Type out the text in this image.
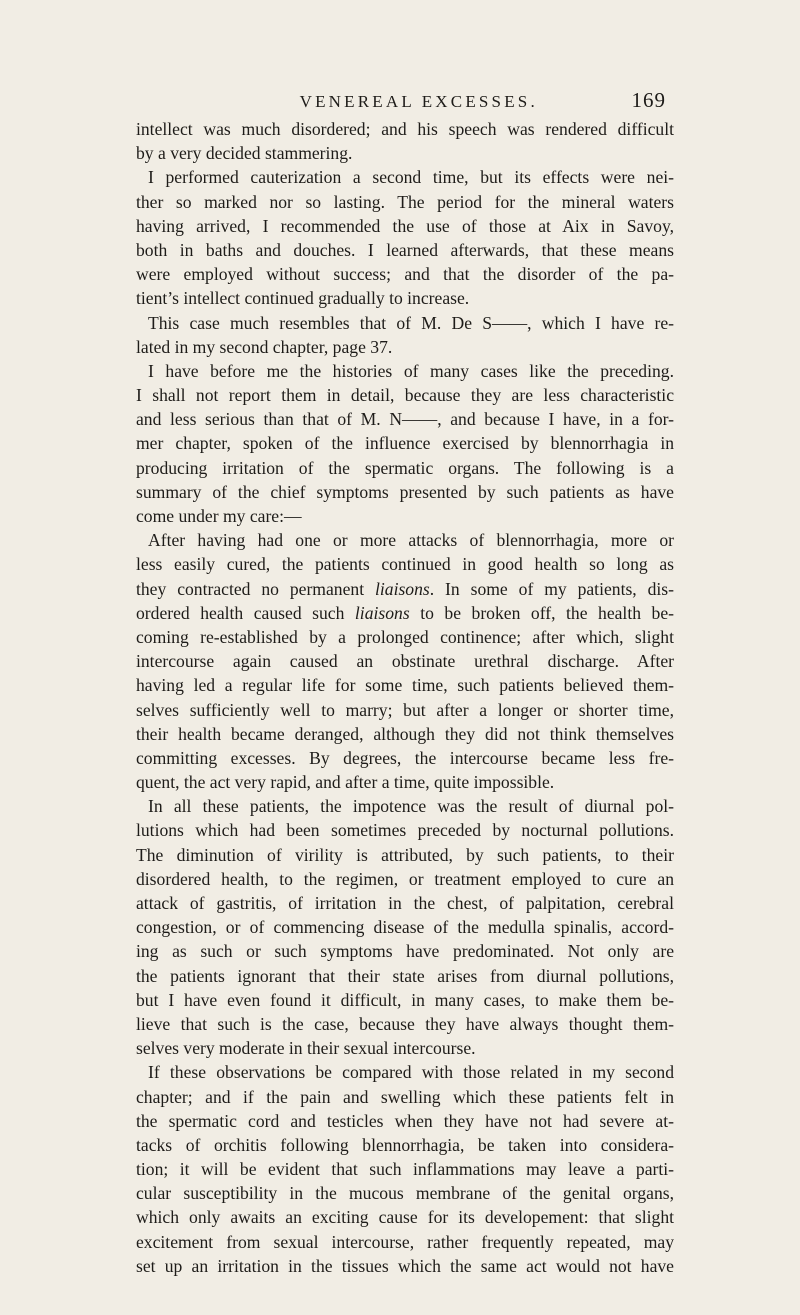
VENEREAL EXCESSES.	169
intellect was much disordered; and his speech was rendered difficult
by a very decided stammering.
I performed cauterization a second time, but its effects were nei-
ther so marked nor so lasting. The period for the mineral waters
having arrived, I recommended the use of those at Aix in Savoy,
both in baths and douches. I learned afterwards, that these means
were employed without success; and that the disorder of the pa-
tient’s intellect continued gradually to increase.
This case much resembles that of M. De S——, which I have re-
lated in my second chapter, page 37.
I have before me the histories of many cases like the preceding.
I shall not report them in detail, because they are less characteristic
and less serious than that of M. N——, and because I have, in a for-
mer chapter, spoken of the influence exercised by blennorrhagia in
producing irritation of the spermatic organs. The following is a
summary of the chief symptoms presented by such patients as have
come under my care:—
After having had one or more attacks of blennorrhagia, more or
less easily cured, the patients continued in good health so long as
they contracted no permanent liaisons. In some of my patients, dis-
ordered health caused such liaisons to be broken off, the health be-
coming re-established by a prolonged continence; after which, slight
intercourse again caused an obstinate urethral discharge. After
having led a regular life for some time, such patients believed them-
selves sufficiently well to marry; but after a longer or shorter time,
their health became deranged, although they did not think themselves
committing excesses. By degrees, the intercourse became less fre-
quent, the act very rapid, and after a time, quite impossible.
In all these patients, the impotence was the result of diurnal pol-
lutions which had been sometimes preceded by nocturnal pollutions.
The diminution of virility is attributed, by such patients, to their
disordered health, to the regimen, or treatment employed to cure an
attack of gastritis, of irritation in the chest, of palpitation, cerebral
congestion, or of commencing disease of the medulla spinalis, accord-
ing as such or such symptoms have predominated. Not only are
the patients ignorant that their state arises from diurnal pollutions,
but I have even found it difficult, in many cases, to make them be-
lieve that such is the case, because they have always thought them-
selves very moderate in their sexual intercourse.
If these observations be compared with those related in my second
chapter; and if the pain and swelling which these patients felt in
the spermatic cord and testicles when they have not had severe at-
tacks of orchitis following blennorrhagia, be taken into considera-
tion; it will be evident that such inflammations may leave a parti-
cular susceptibility in the mucous membrane of the genital organs,
which only awaits an exciting cause for its developement: that slight
excitement from sexual intercourse, rather frequently repeated, may
set up an irritation in the tissues which the same act would not have
